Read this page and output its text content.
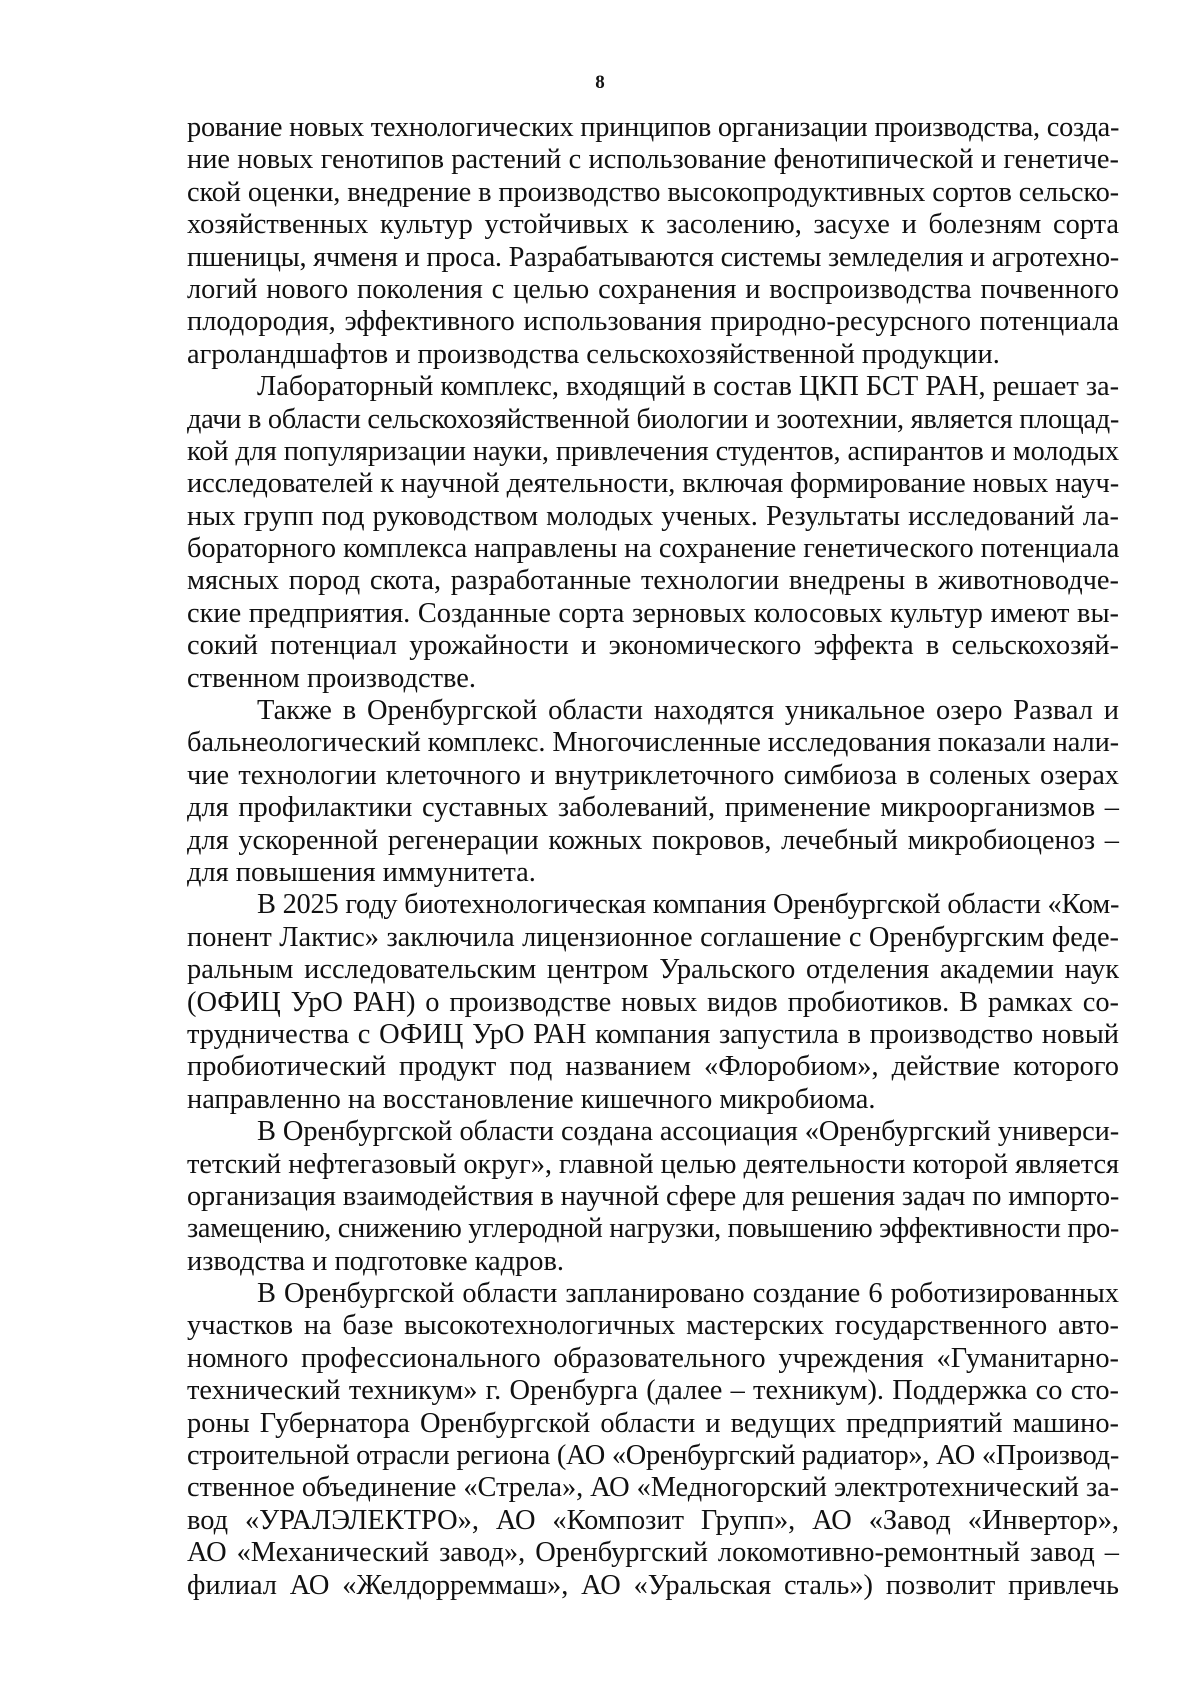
8
рование новых технологических принципов организации производства, созда-
ние новых генотипов растений с использование фенотипической и генетиче-
ской оценки, внедрение в производство высокопродуктивных сортов сельско-
хозяйственных культур устойчивых к засолению, засухе и болезням сорта
пшеницы, ячменя и проса. Разрабатываются системы земледелия и агротехно-
логий нового поколения с целью сохранения и воспроизводства почвенного
плодородия, эффективного использования природно-ресурсного потенциала
агроландшафтов и производства сельскохозяйственной продукции.
Лабораторный комплекс, входящий в состав ЦКП БСТ РАН, решает за-
дачи в области сельскохозяйственной биологии и зоотехнии, является площад-
кой для популяризации науки, привлечения студентов, аспирантов и молодых
исследователей к научной деятельности, включая формирование новых науч-
ных групп под руководством молодых ученых. Результаты исследований ла-
бораторного комплекса направлены на сохранение генетического потенциала
мясных пород скота, разработанные технологии внедрены в животноводче-
ские предприятия. Созданные сорта зерновых колосовых культур имеют вы-
сокий потенциал урожайности и экономического эффекта в сельскохозяй-
ственном производстве.
Также в Оренбургской области находятся уникальное озеро Развал и
бальнеологический комплекс. Многочисленные исследования показали нали-
чие технологии клеточного и внутриклеточного симбиоза в соленых озерах
для профилактики суставных заболеваний, применение микроорганизмов –
для ускоренной регенерации кожных покровов, лечебный микробиоценоз –
для повышения иммунитета.
В 2025 году биотехнологическая компания Оренбургской области «Ком-
понент Лактис» заключила лицензионное соглашение с Оренбургским феде-
ральным исследовательским центром Уральского отделения академии наук
(ОФИЦ УрО РАН) о производстве новых видов пробиотиков. В рамках со-
трудничества с ОФИЦ УрО РАН компания запустила в производство новый
пробиотический продукт под названием «Флоробиом», действие которого
направленно на восстановление кишечного микробиома.
В Оренбургской области создана ассоциация «Оренбургский универси-
тетский нефтегазовый округ», главной целью деятельности которой является
организация взаимодействия в научной сфере для решения задач по импорто-
замещению, снижению углеродной нагрузки, повышению эффективности про-
изводства и подготовке кадров.
В Оренбургской области запланировано создание 6 роботизированных
участков на базе высокотехнологичных мастерских государственного авто-
номного профессионального образовательного учреждения «Гуманитарно-
технический техникум» г. Оренбурга (далее – техникум). Поддержка со сто-
роны Губернатора Оренбургской области и ведущих предприятий машино-
строительной отрасли региона (АО «Оренбургский радиатор», АО «Производ-
ственное объединение «Стрела», АО «Медногорский электротехнический за-
вод «УРАЛЭЛЕКТРО», АО «Композит Групп», АО «Завод «Инвертор»,
АО «Механический завод», Оренбургский локомотивно-ремонтный завод –
филиал АО «Желдорреммаш», АО «Уральская сталь») позволит привлечь
